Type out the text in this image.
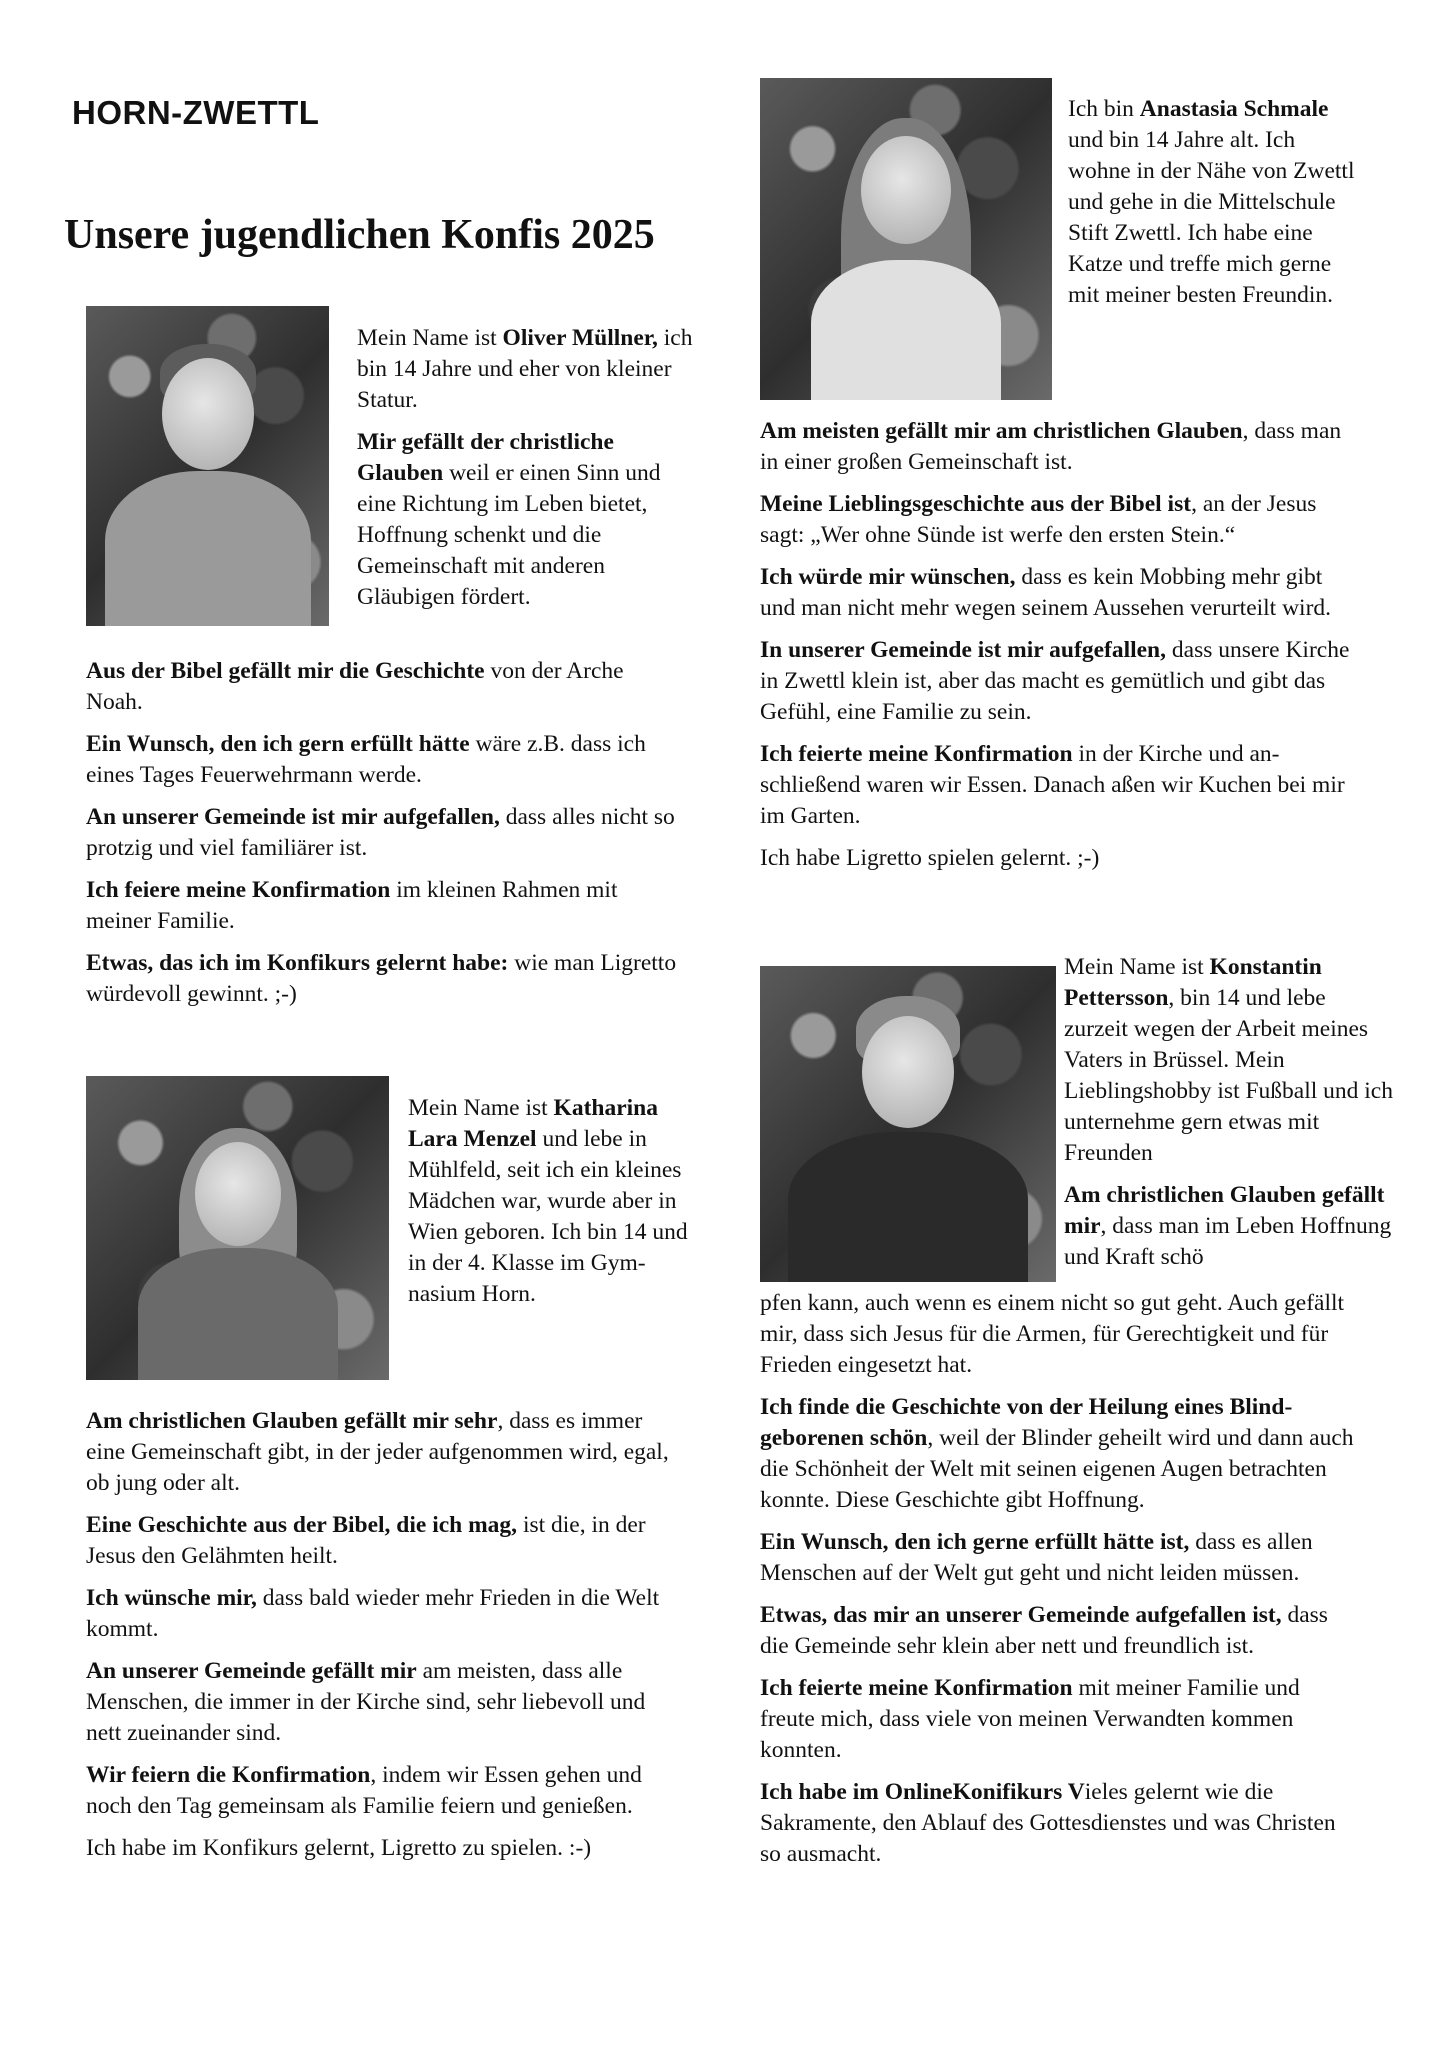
HORN-ZWETTL
Unsere jugendlichen Konfis 2025

Mein Name ist Oliver Müllner, ich bin 14 Jahre und eher von kleiner Statur.

Mir gefällt der christliche Glauben weil er einen Sinn und eine Richtung im Leben bietet, Hoffnung schenkt und die Gemeinschaft mit anderen Gläubigen fördert.

Aus der Bibel gefällt mir die Geschichte von der Arche Noah.

Ein Wunsch, den ich gern erfüllt hätte wäre z.B. dass ich eines Tages Feuerwehrmann werde.

An unserer Gemeinde ist mir aufgefallen, dass alles nicht so protzig und viel familiärer ist.

Ich feiere meine Konfirmation im kleinen Rahmen mit meiner Familie.

Etwas, das ich im Konfikurs gelernt habe: wie man Ligretto würdevoll gewinnt. ;-)

Mein Name ist Katharina Lara Menzel und lebe in Mühlfeld, seit ich ein kleines Mädchen war, wurde aber in Wien geboren. Ich bin 14 und in der 4. Klasse im Gymnasium Horn.

Am christlichen Glauben gefällt mir sehr, dass es immer eine Gemeinschaft gibt, in der jeder aufgenommen wird, egal, ob jung oder alt.

Eine Geschichte aus der Bibel, die ich mag, ist die, in der Jesus den Gelähmten heilt.

Ich wünsche mir, dass bald wieder mehr Frieden in die Welt kommt.

An unserer Gemeinde gefällt mir am meisten, dass alle Menschen, die immer in der Kirche sind, sehr liebevoll und nett zueinander sind.

Wir feiern die Konfirmation, indem wir Essen gehen und noch den Tag gemeinsam als Familie feiern und genießen.

Ich habe im Konfikurs gelernt, Ligretto zu spielen. :-)

Ich bin Anastasia Schmale und bin 14 Jahre alt. Ich wohne in der Nähe von Zwettl und gehe in die Mittelschule Stift Zwettl. Ich habe eine Katze und treffe mich gerne mit meiner besten Freundin.

Am meisten gefällt mir am christlichen Glauben, dass man in einer großen Gemeinschaft ist.

Meine Lieblingsgeschichte aus der Bibel ist, an der Jesus sagt: „Wer ohne Sünde ist werfe den ersten Stein.“

Ich würde mir wünschen, dass es kein Mobbing mehr gibt und man nicht mehr wegen seinem Aussehen verurteilt wird.

In unserer Gemeinde ist mir aufgefallen, dass unsere Kirche in Zwettl klein ist, aber das macht es gemütlich und gibt das Gefühl, eine Familie zu sein.

Ich feierte meine Konfirmation in der Kirche und anschließend waren wir Essen. Danach aßen wir Kuchen bei mir im Garten.

Ich habe Ligretto spielen gelernt. ;-)

Mein Name ist Konstantin Pettersson, bin 14 und lebe zurzeit wegen der Arbeit meines Vaters in Brüssel. Mein Lieblingshobby ist Fußball und ich unternehme gern etwas mit Freunden

Am christlichen Glauben gefällt mir, dass man im Leben Hoffnung und Kraft schö

pfen kann, auch wenn es einem nicht so gut geht. Auch gefällt mir, dass sich Jesus für die Armen, für Gerechtigkeit und für Frieden eingesetzt hat.

Ich finde die Geschichte von der Heilung eines Blindgeborenen schön, weil der Blinder geheilt wird und dann auch die Schönheit der Welt mit seinen eigenen Augen betrachten konnte. Diese Geschichte gibt Hoffnung.

Ein Wunsch, den ich gerne erfüllt hätte ist, dass es allen Menschen auf der Welt gut geht und nicht leiden müssen.

Etwas, das mir an unserer Gemeinde aufgefallen ist, dass die Gemeinde sehr klein aber nett und freundlich ist.

Ich feierte meine Konfirmation mit meiner Familie und freute mich, dass viele von meinen Verwandten kommen konnten.

Ich habe im OnlineKonifikurs Vieles gelernt wie die Sakramente, den Ablauf des Gottesdienstes und was Christen so ausmacht.
